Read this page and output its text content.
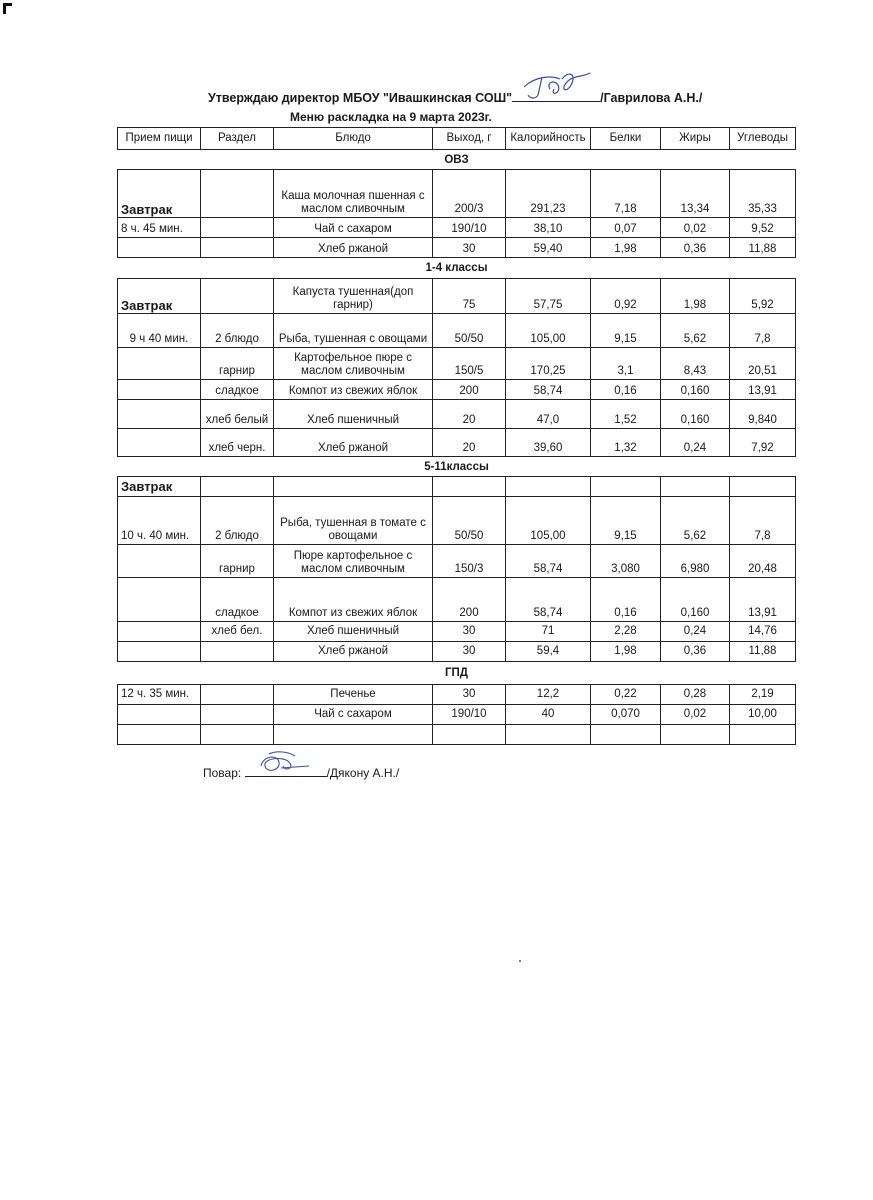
Утверждаю директор МБОУ "Ивашкинская СОШ"	/Гаврилова А.Н./
Меню раскладка на 9 марта 2023г.
Прием пищи	Раздел	Блюдо	Выход, г	Калорийность	Белки	Жиры	Углеводы
ОВЗ							
Завтрак		Каша молочная пшенная с маслом сливочным	200/3	291,23	7,18	13,34	35,33
8 ч. 45 мин.		Чай с сахаром	190/10	38,10	0,07	0,02	9,52
		Хлеб ржаной	30	59,40	1,98	0,36	11,88
1-4 классы							
Завтрак		Капуста тушенная(доп гарнир)	75	57,75	0,92	1,98	5,92
9 ч 40 мин.	2 блюдо	Рыба, тушенная с овощами	50/50	105,00	9,15	5,62	7,8
	гарнир	Картофельное пюре с маслом сливочным	150/5	170,25	3,1	8,43	20,51
	сладкое	Компот из свежих яблок	200	58,74	0,16	0,160	13,91
	хлеб белый	Хлеб пшеничный	20	47,0	1,52	0,160	9,840
	хлеб черн.	Хлеб ржаной	20	39,60	1,32	0,24	7,92
5-11классы							
Завтрак							
10 ч. 40 мин.	2 блюдо	Рыба, тушенная в томате с овощами	50/50	105,00	9,15	5,62	7,8
	гарнир	Пюре картофельное с маслом сливочным	150/3	58,74	3,080	6,980	20,48
	сладкое	Компот из свежих яблок	200	58,74	0,16	0,160	13,91
	хлеб бел.	Хлеб пшеничный	30	71	2,28	0,24	14,76
		Хлеб ржаной	30	59,4	1,98	0,36	11,88
ГПД							
12 ч. 35 мин.		Печенье	30	12,2	0,22	0,28	2,19
		Чай с сахаром	190/10	40	0,070	0,02	10,00

Повар:	/Дякону А.Н./
